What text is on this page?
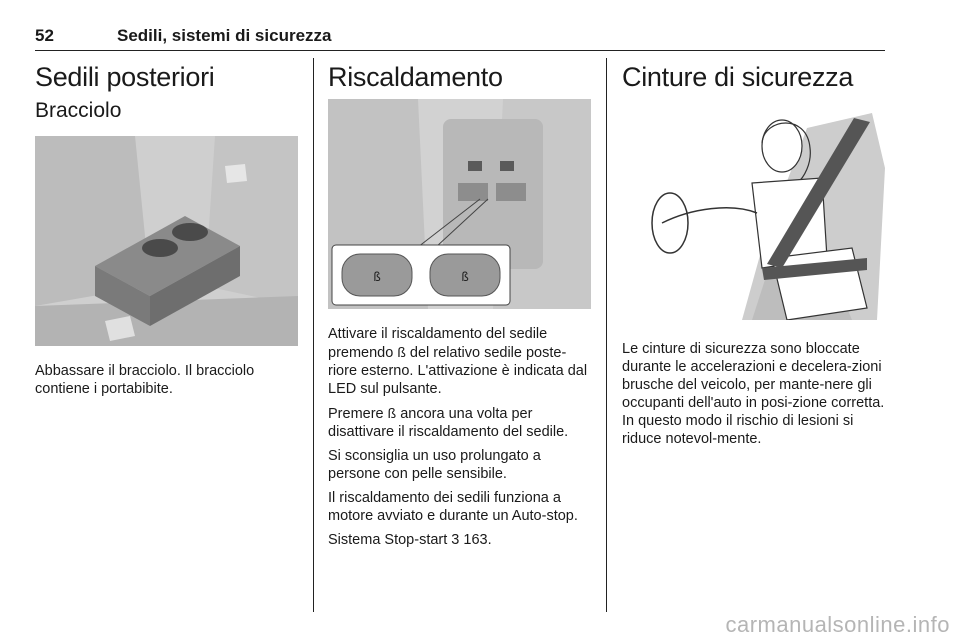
52	Sedili, sistemi di sicurezza
Sedili posteriori
Bracciolo

Abbassare il bracciolo. Il bracciolo contiene i portabibite.

Riscaldamento
ß	ß

Attivare il riscaldamento del sedile premendo ß del relativo sedile poste-riore esterno. L'attivazione è indicata dal LED sul pulsante.

Premere ß ancora una volta per disattivare il riscaldamento del sedile.

Si sconsiglia un uso prolungato a persone con pelle sensibile.

Il riscaldamento dei sedili funziona a motore avviato e durante un Auto-stop.

Sistema Stop-start 3 163.

Cinture di sicurezza

Le cinture di sicurezza sono bloccate durante le accelerazioni e decelera-zioni brusche del veicolo, per mante-nere gli occupanti dell'auto in posi-zione corretta. In questo modo il rischio di lesioni si riduce notevol-mente.

carmanualsonline.info
